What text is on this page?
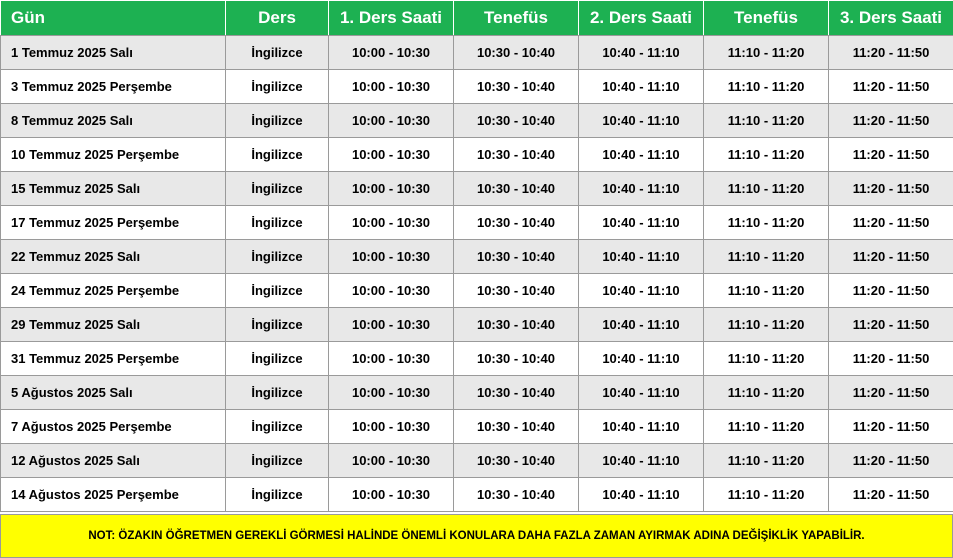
Gün	Ders	1. Ders Saati	Tenefüs	2. Ders Saati	Tenefüs	3. Ders Saati
1 Temmuz 2025 Salı	İngilizce	10:00 - 10:30	10:30 - 10:40	10:40 - 11:10	11:10 - 11:20	11:20 - 11:50
3 Temmuz 2025 Perşembe	İngilizce	10:00 - 10:30	10:30 - 10:40	10:40 - 11:10	11:10 - 11:20	11:20 - 11:50
8 Temmuz 2025 Salı	İngilizce	10:00 - 10:30	10:30 - 10:40	10:40 - 11:10	11:10 - 11:20	11:20 - 11:50
10 Temmuz 2025 Perşembe	İngilizce	10:00 - 10:30	10:30 - 10:40	10:40 - 11:10	11:10 - 11:20	11:20 - 11:50
15 Temmuz 2025 Salı	İngilizce	10:00 - 10:30	10:30 - 10:40	10:40 - 11:10	11:10 - 11:20	11:20 - 11:50
17 Temmuz 2025 Perşembe	İngilizce	10:00 - 10:30	10:30 - 10:40	10:40 - 11:10	11:10 - 11:20	11:20 - 11:50
22 Temmuz 2025 Salı	İngilizce	10:00 - 10:30	10:30 - 10:40	10:40 - 11:10	11:10 - 11:20	11:20 - 11:50
24 Temmuz 2025 Perşembe	İngilizce	10:00 - 10:30	10:30 - 10:40	10:40 - 11:10	11:10 - 11:20	11:20 - 11:50
29 Temmuz 2025 Salı	İngilizce	10:00 - 10:30	10:30 - 10:40	10:40 - 11:10	11:10 - 11:20	11:20 - 11:50
31 Temmuz 2025 Perşembe	İngilizce	10:00 - 10:30	10:30 - 10:40	10:40 - 11:10	11:10 - 11:20	11:20 - 11:50
5 Ağustos 2025 Salı	İngilizce	10:00 - 10:30	10:30 - 10:40	10:40 - 11:10	11:10 - 11:20	11:20 - 11:50
7 Ağustos 2025 Perşembe	İngilizce	10:00 - 10:30	10:30 - 10:40	10:40 - 11:10	11:10 - 11:20	11:20 - 11:50
12 Ağustos 2025 Salı	İngilizce	10:00 - 10:30	10:30 - 10:40	10:40 - 11:10	11:10 - 11:20	11:20 - 11:50
14 Ağustos 2025 Perşembe	İngilizce	10:00 - 10:30	10:30 - 10:40	10:40 - 11:10	11:10 - 11:20	11:20 - 11:50
NOT: ÖZAKIN ÖĞRETMEN GEREKLİ GÖRMESİ HALİNDE ÖNEMLİ KONULARA DAHA FAZLA ZAMAN AYIRMAK ADINA DEĞİŞİKLİK YAPABİLİR.
